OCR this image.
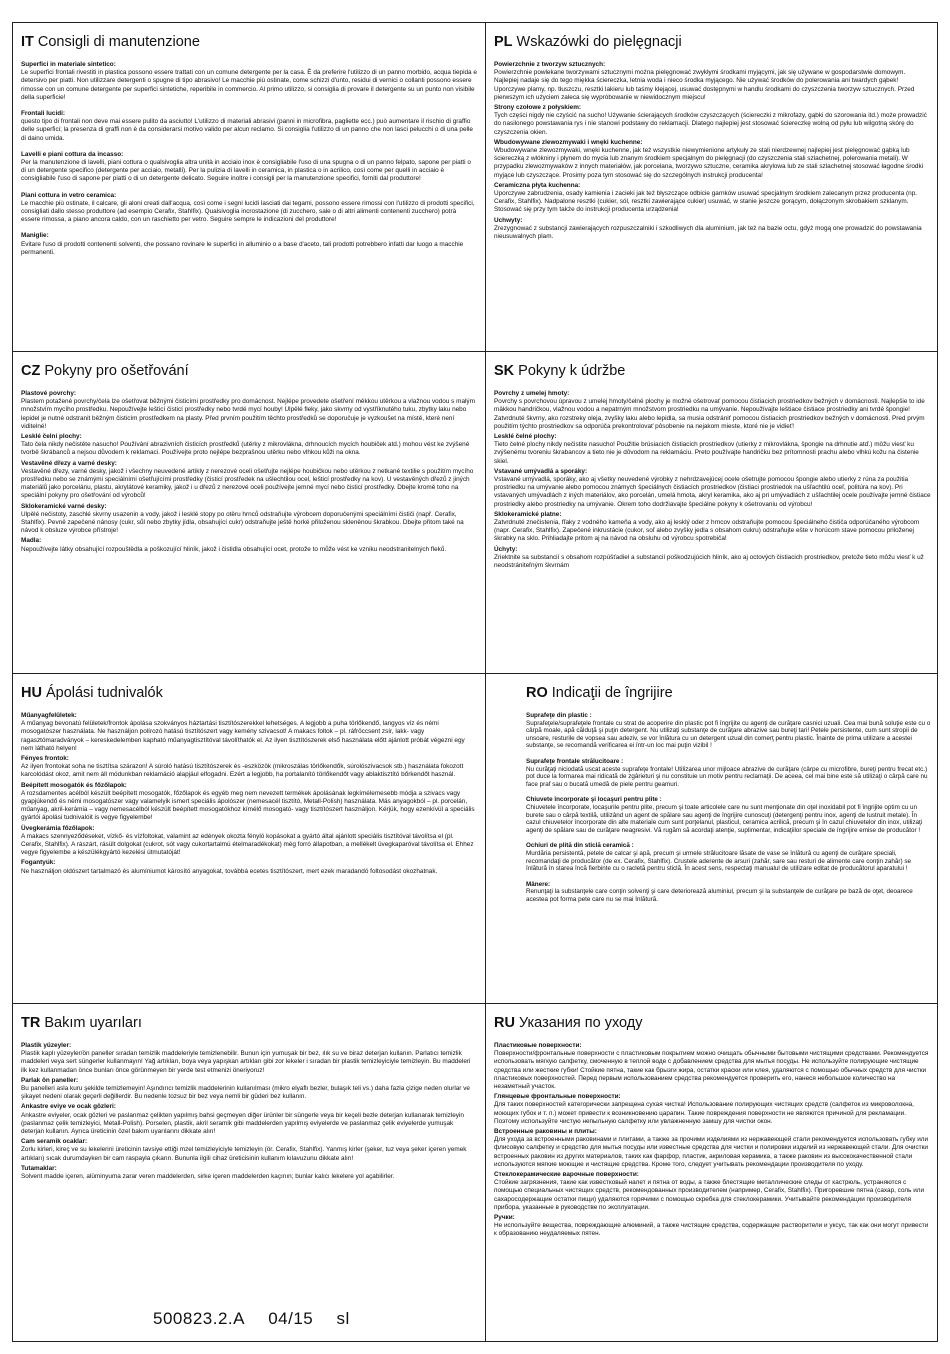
IT Consigli di manutenzione
Superfici in materiale sintetico:
Le superfici frontali rivestiti in plastica possono essere trattati con un comune detergente per la casa. È da preferire l'utilizzo di un panno morbido, acqua tiepida e detersivo per piatti. Non utilizzare detergenti o spugne di tipo abrasivo! Le macchie più ostinate, come schizzi d'unto, residui di vernici o collanti possono essere rimosse con un comune detergente per superfici sintetiche, reperibile in commercio. Al primo utilizzo, si consiglia di provare il detergente su un punto non visibile della superficie!
Frontali lucidi:
questo tipo di frontali non deve mai essere pulito da asciutto! L'utilizzo di materiali abrasivi (panni in microfibra, pagliette ecc.) può aumentare il rischio di graffio delle superfici; la presenza di graffi non è da considerarsi motivo valido per alcun reclamo. Si consiglia l'utilizzo di un panno che non lasci pelucchi o di una pelle di daino umida.
Lavelli e piani cottura da incasso:
Per la manutenzione di lavelli, piani cottura o qualsivoglia altra unità in acciaio inox è consigliabile l'uso di una spugna o di un panno felpato, sapone per piatti o di un detergente specifico (detergente per acciaio, metalli). Per la pulizia di lavelli in ceramica, in plastica o in acrilico, così come per quelli in acciaio è consigliabile l'uso di sapone per piatti o di un detergente delicato. Seguire inoltre i consigli per la manutenzione specifici, forniti dal produttore!
Piani cottura in vetro ceramica:
Le macchie più ostinate, il calcare, gli aloni creati dall'acqua, così come i segni lucidi lasciati dai tegami, possono essere rimossi con l'utilizzo di prodotti specifici, consigliati dallo stesso produttore (ad esempio Cerafix, Stahlfix). Qualsivoglia incrostazione (di zucchero, sale o di altri alimenti contenenti zucchero) potrà essere rimossa, a piano ancora caldo, con un raschietto per vetro. Seguire sempre le indicazioni del produttore!
Maniglie:
Evitare l'uso di prodotti contenenti solventi, che possano rovinare le superfici in alluminio o a base d'aceto, tali prodotti potrebbero infatti dar luogo a macchie permanenti.
PL Wskazówki do pielęgnacji
Powierzchnie z tworzyw sztucznych:
Powierzchnie powlekane tworzywami sztucznymi można pielęgnować zwykłymi środkami myjącymi, jak się używane w gospodarstwie domowym. Najlepiej nadaje się do tego miękka ściereczka, letnia woda i nieco środka myjącego. Nie używać środków do polerowania ani twardych gąbek! Uporczywe plamy, np. tłuszczu, resztki lakieru lub taśmy klejącej, usuwać dostępnymi w handlu środkami do czyszczenia tworzyw sztucznych. Przed pierwszym ich użyciem zaleca się wypróbowanie w niewidocznym miejscu!
Strony czołowe z połyskiem:
Tych części nigdy nie czyścić na sucho! Używanie ścierających środków czyszczących (ściereczki z mikrofazy, gąbki do szorowania itd.) może prowadzić do nasilonego powstawania rys i nie stanowi podstawy do reklamacji. Dlatego najlepiej jest stosować ściereczkę wolną od pyłu lub wilgotną skórę do czyszczenia okien.
Wbudowywane zlewozmywaki i wnęki kuchenne:
Wbudowywane zlewozmywaki, wnęki kuchenne, jak też wszystkie niewymienione artykuły ze stali nierdzewnej najlepiej jest pielęgnować gąbką lub ściereczką z włókniny i płynem do mycia lub znanym środkiem specjalnym do pielęgnacji (do czyszczenia stali szlachetnej, polerowania metali). W przypadku zlewozmywaków z innych materiałów, jak porcelana, tworzywo sztuczne, ceramika akrylowa lub ze stali szlachetnej stosować łagodne środki myjące lub czyszczące. Prosimy poza tym stosować się do szczególnych instrukcji producenta!
Ceramiczna płyta kuchenna:
Uporczywe zabrudzenia, osady kamienia i zacieki jak też błyszczące odbicie garnków usuwać specjalnym środkiem zalecanym przez producenta (np. Cerafix, Stahlfix). Nadpalone resztki (cukier, sól, resztki zawierające cukier) usuwać, w stanie jeszcze gorącym, dołączonym skrobakiem szklanym. Stosować się przy tym także do instrukcji producenta urządzenia!
Uchwyty:
Zrezygnować z substancji zawierających rozpuszczalniki i szkodliwych dla aluminium, jak też na bazie octu, gdyż mogą one prowadzić do powstawania nieusuwalnych plam.
CZ Pokyny pro ošetřování
Plastové povrchy:
Plastem potažené povrchy/čela lze ošetřovat běžnými čisticími prostředky pro domácnost. Nejlépe provedete ošetření měkkou utěrkou a vlažnou vodou s malým množstvím mycího prostředku. Nepoužívejte lešticí čisticí prostředky nebo tvrdé mycí houby! Ulpělé fleky, jako skvrny od vystříknutého tuku, zbytky laku nebo lepidel je nutné odstranit běžným čisticím prostředkem na plasty. Před prvním použitím těchto prostředků se doporučuje je vyzkoušet na místě, které není viditelné!
Lesklé čelní plochy:
Tato čela nikdy nečistěte nasucho! Používání abrazivních čisticích prostředků (utěrky z mikrovlákna, drhnoucích mycích houbiček atd.) mohou vést ke zvýšené tvorbě škrábanců a nejsou důvodem k reklamaci. Používejte proto nejlépe bezprašnou utěrku nebo vlhkou kůži na okna.
Vestavěné dřezy a varné desky:
Vestavěné dřezy, varné desky, jakož i všechny neuvedené artikly z nerezové oceli ošetřujte nejlépe houbičkou nebo utěrkou z netkané textilie s použitím mycího prostředku nebo se známými speciálními ošetřujícími prostředky (čisticí prostředek na ušlechtilou ocel, lešticí prostředky na kov). U vestavěných dřezů z jiných materiálů jako porcelánu, plastu, akrylátové keramiky, jakož i u dřezů z nerezové oceli používejte jemné mycí nebo čisticí prostředky. Dbejte kromě toho na speciální pokyny pro ošetřování od výrobců!
Sklokeramické varné desky:
Ulpělé nečistoty, zaschlé skvrny usazenin a vody, jakož i lesklé stopy po otěru hrnců odstraňujte výrobcem doporučenými speciálními čističi (např. Cerafix, Stahlfix). Pevně zapečené nánosy (cukr, sůl nebo zbytky jídla, obsahující cukr) odstraňujte ještě horké přiloženou skleněnou škrabkou. Dbejte přitom také na návod k obsluze výrobce přístroje!
Madla:
Nepoužívejte látky obsahující rozpouštědla a poškozující hliník, jakož i čistidla obsahující ocet, protože to může vést ke vzniku neodstranitelných fleků.
SK Pokyny k údržbe
Povrchy z umelej hmoty:
Povrchy s povrchovou úpravou z umelej hmoty/čelné plochy je možné ošetrovať pomocou čistiacich prostriedkov bežných v domácnosti. Najlepšie to ide mäkkou handričkou, vlažnou vodou a nepatrným množstvom prostriedku na umývanie. Nepoužívajte leštiace čistiace prostriedky ani tvrdé špongie! Zatvrdnuté škvrny, ako rozstreky oleja, zvyšky laku alebo lepidla, sa musia odstrániť pomocou čistiacich prostriedkov bežných v domácnosti. Pred prvým použitím týchto prostriedkov sa odporúča prekontrolovať pôsobenie na nejakom mieste, ktoré nie je vidieť!
Lesklé čelné plochy:
Tieto čelné plochy nikdy nečistite nasucho! Použitie brúsiacich čistiacich prostriedkov (utierky z mikrovlákna, špongie na drhnutie atď.) môžu viesť ku zvýšenému tvoreniu škrabancov a tieto nie je dôvodom na reklamáciu. Preto používajte handričku bez prítomnosti prachu alebo vlhkú kožu na čistenie skiel.
Vstavané umývadlá a sporáky:
Vstavané umývadlá, sporáky, ako aj všetky neuvedené výrobky z nehrdzavejúcej ocele ošetrujte pomocou špongie alebo utierky z rúna za použitia prostriedku na umývanie alebo pomocou známych špeciálnych čistiacich prostriedkov (čistiaci prostriedok na ušľachtilú oceľ, politúra na kov). Pri vstavaných umývadlách z iných materiálov, ako porcelán, umelá hmota, akryl keramika, ako aj pri umývadlách z ušľachtilej ocele používajte jemné čistiace prostriedky alebo prostriedky na umývanie. Okrem toho dodržiavajte špeciálne pokyny k ošetrovaniu od výrobcu!
Sklokeramické platne:
Zatvrdnuté znečistenia, fľaky z vodného kameňa a vody, ako aj lesklý oder z hrncov odstraňujte pomocou špeciálneho čističa odporúčaného výrobcom (napr. Cerafix, Stahlfix). Zapečené inkrustácie (cukor, soľ alebo zvyšky jedla s obsahom cukru) odstraňujte ešte v horúcom stave pomocou priloženej škrabky na sklo. Prihliadajte pritom aj na návod na obsluhu od výrobcu spotrebiča!
Úchyty:
Zriektnite sa substancií s obsahom rozpúšťadiel a substancií poškodzujúcich hliník, ako aj octových čistiacich prostriedkov, pretože tieto môžu viesť k už neodstrániteľným škvrnám
HU Ápolási tudnivalók
Műanyagfelületek:
A műanyag bevonatú felületek/frontok ápolása szokványos háztartási tisztítószerekkel lehetséges. A legjobb a puha törlőkendő, langyos víz és némi mosogatószer használata. Ne használjon polírozó hatású tisztítószert vagy kemény szivacsot! A makacs foltok – pl. ráfröccsent zsír, lakk- vagy ragasztómaradványok – kereskedelemben kapható műanyagtisztítóval távolíthatók el. Az ilyen tisztítószerek első használata előtt ajánlott próbát végezni egy nem látható helyen!
Fényes frontok:
Az ilyen frontokat soha ne tisztítsa szárazon! A súroló hatású tisztítószerek és -eszközök (mikroszálas törlőkendők, súrolószivacsok stb.) használata fokozott karcolódást okoz, amit nem áll módunkban reklamáció alapjául elfogadni. Ezért a legjobb, ha portalanító törlőkendőt vagy ablaktisztító bőrkendőt használ.
Beépített mosogatók és főzőlapok:
A rozsdamentes acélból készült beépített mosogatók, főzőlapok és egyéb meg nem nevezett termékek ápolásának legkímélemesebb módja a szivacs vagy gyapjúkendő és némi mosogatószer vagy valamelyik ismert speciális ápolószer (nemesacél tisztító, Metall-Polish) használata. Más anyagokból – pl. porcelán, műanyag, akril-kerámia – vagy nemesacélból készült beépített mosogatókhoz kímélő mosogató- vagy tisztítószert használjon. Kérjük, hogy ezenkívül a speciális gyártói ápolási tudnivalóit is vegye figyelembe!
Üvegkerámia főzőlapok:
A makacs szennyeződéseket, vízkő- és vízfoltokat, valamint az edények okozta fényló kopásokat a gyártó által ajánlott speciális tisztítóval távolítsa el (pl. Cerafix, Stahlfix). A rászárt, rásült dolgokat (cukrot, sót vagy cukortartalmú ételmaradékokat) még forró állapotban, a mellékelt üvegkaparóval távolítsa el. Ehhez vegye figyelembe a készülékgyártó kezelési útmutatóját!
Fogantyúk:
Ne használjon oldószert tartalmazó és alumíniumot károsító anyagokat, továbbá ecetes tisztítószert, mert ezek maradandó foltosodást okozhatnak.
RO Indicaţii de îngrijire
Suprafeţe din plastic :
Suprafeţele/suprafeţele frontale cu strat de acoperire din plastic pot fi îngrijite cu agenţi de curăţare casnici uzuali. Cea mai bună soluţie este cu o cârpă moale, apă călduţă şi puţin detergent. Nu utilizaţi substanţe de curăţare abrazive sau bureţi tari! Petele persistente, cum sunt stropii de unsoare, resturile de vopsea sau adeziv, se vor înlătura cu un detergent uzual din comerţ pentru plastic. Înainte de prima utilizare a acestei substanţe, se recomandă verificarea ei într-un loc mai puţin vizibil !
Suprafeţe frontale strălucitoare :
Nu curăţaţi niciodată uscat aceste suprafeţe frontale! Utilizarea unor mijloace abrazive de curăţare (cârpe cu microfibre, bureţi pentru frecat etc.) pot duce la formarea mai ridicată de zgârieturi şi nu constituie un motiv pentru reclamaţii. De aceea, cel mai bine este să utilizaţi o cârpă care nu face praf sau o bucată umedă de piele pentru geamuri.
Chiuvete încorporate şi locaşuri pentru plite :
Chiuvetele încorporate, locaşurile pentru plite, precum şi toate articolele care nu sunt menţionate din oţel inoxidabil pot fi îngrijite optim cu un burete sau o cârpă textilă, utilizând un agent de spălare sau agenţi de îngrijire cunoscuţi (detergenţi pentru inox, agenţi de lustruit metale). În cazul chiuvetelor încorporate din alte materiale cum sunt porţelanul, plasticul, ceramica acrilică, precum şi în cazul chiuvetelor din inox, utilizaţi agenţi de spălare sau de curăţare neagresivi. Vă rugăm să acordaţi atenţie, suplimentar, indicaţiilor speciale de îngrijire emise de producător !
Ochiuri de plită din sticlă ceramică :
Murdăria persistentă, petele de calcar şi apă, precum şi urmele strălucitoare lăsate de vase se înlătură cu agenţi de curăţare speciali, recomandaţi de producător (de ex. Cerafix, Stahlfix). Crustele aderente de arsuri (zahăr, sare sau resturi de alimente care conţin zahăr) se înlătură în starea încă fierbinte cu o racletă pentru sticlă. În acest sens, respectaţi manualul de utilizare editat de producătorul aparatului !
Mânere:
Renunţaţi la substanţele care conţin solvenţi şi care deteriorează aluminiul, precum şi la substanţele de curăţare pe bază de oţet, deoarece acestea pot forma pete care nu se mai înlătură.
TR Bakım uyarıları
Plastik yüzeyler:
Plastik kaplı yüzeyler/ön paneller sıradan temizlik maddeleriyle temizlenebilir. Bunun için yumuşak bir bez, ılık su ve biraz deterjan kullanın. Parlatıcı temizlik maddeleri veya sert süngerler kullanmayın! Yağ artıkları, boya veya yapışkan artıkları gibi zor lekeler i sıradan bir plastik temizleyiciyle temizleyin. Bu maddeleri ilk kez kullanmadan önce bunları önce görünmeyen bir yerde test etmenizi öneriyoruz!
Parlak ön paneller:
Bu panelleri asla kuru şekilde temizlemeyin! Aşındırıcı temizlik maddelerinin kullanılması (mikro elyaflı bezler, bulaşık teli vs.) daha fazla çizige neden olurlar ve şikayet nedeni olarak geçerli değillerdir. Bu nedenle tozsuz bir bez veya nemli bir güderi bez kullanın.
Ankastre eviye ve ocak gözleri:
Ankastre eviyeler, ocak gözleri ve paslanmaz çelikten yapılmış bahsi geçmeyen diğer ürünler bir süngerle veya bir keçeli bezle deterjan kullanarak temizleyin (paslanmaz çelik temizleyici, Metall-Polish). Porselen, plastik, akril seramik gibi maddelerden yapılmış eviyelerde ve paslanmaz çelik eviyelerde yumuşak deterjan kullanın. Ayrıca üreticinin özel bakım uyarılarını dikkate alın!
Cam seramik ocaklar:
Zorlu kirleri, kireç ve su lekelerini üreticinin tavsiye ettiği mzel temizleyiciyle temizleyin (ör. Cerafix, Stahlfix). Yanmış kirler (şeker, tuz veya şeker içeren yemek artıkları) sıcak durumdayken bir cam raspayla çıkarın. Bununla ilgili cihaz üreticisinin kullanım kılavuzunu dikkate alın!
Tutamaklar:
Solvent madde içeren, alüminyuma zarar veren maddelerden, sirke içeren maddelerden kaçının; bunlar kalıcı lekelere yol açabilirler.
500823.2.A 04/15 sl
RU Указания по уходу
Пластиковые поверхности:
Поверхности/фронтальные поверхности с пластиковым покрытием можно очищать обычными бытовыми чистящими средствами. Рекомендуется использовать мягкую салфетку, смоченную в теплой воде с добавлением средства для мытья посуды. Не используйте полирующие чистящие средства или жесткие губки! Стойкие пятна, такие как брызги жира, остатки краски или клея, удаляются с помощью обычных средств для чистки пластиковых поверхностей. Перед первым использованием средства рекомендуется проверить его, нанеся небольшое количество на незаметный участок.
Глянцевые фронтальные поверхности:
Для таких поверхностей категорически запрещена сухая чистка! Использование полирующих чистящих средств (салфеток из микроволокна, моющих губок и т. п.) может привести к возникновению царапин. Такие повреждения поверхности не являются причиной для рекламации. Поэтому используйте чистую непыльную салфетку или увлажненную замшу для чистки окон.
Встроенные раковины и плиты:
Для ухода за встроенными раковинами и плитами, а также за прочими изделиями из нержавеющей стали рекомендуется использовать губку или флисовую салфетку и средство для мытья посуды или известные средства для чистки и полировки изделий из нержавеющей стали. Для очистки встроенных раковин из других материалов, таких как фарфор, пластик, акриловая керамика, а также раковин из высококачественной стали используются мягкие моющие и чистящие средства. Кроме того, следует учитывать рекомендации производителя по уходу.
Стеклокерамические варочные поверхности:
Стойкие загрязнения, такие как известковый налет и пятна от воды, а также блестящие металлические следы от кастрюль, устраняются с помощью специальных чистящих средств, рекомендованных производителем (например, Cerafix, Stahlfix). Пригоревшие пятна (сахар, соль или сахаросодержащие остатки пищи) удаляются горячими с помощью скребка для стеклокерамики. Учитывайте рекомендации производителя прибора, указанные в руководстве по эксплуатации.
Ручки:
Не используйте вещества, повреждающие алюминий, а также чистящие средства, содержащие растворители и уксус, так как они могут привести к образованию неудаляемых пятен.
